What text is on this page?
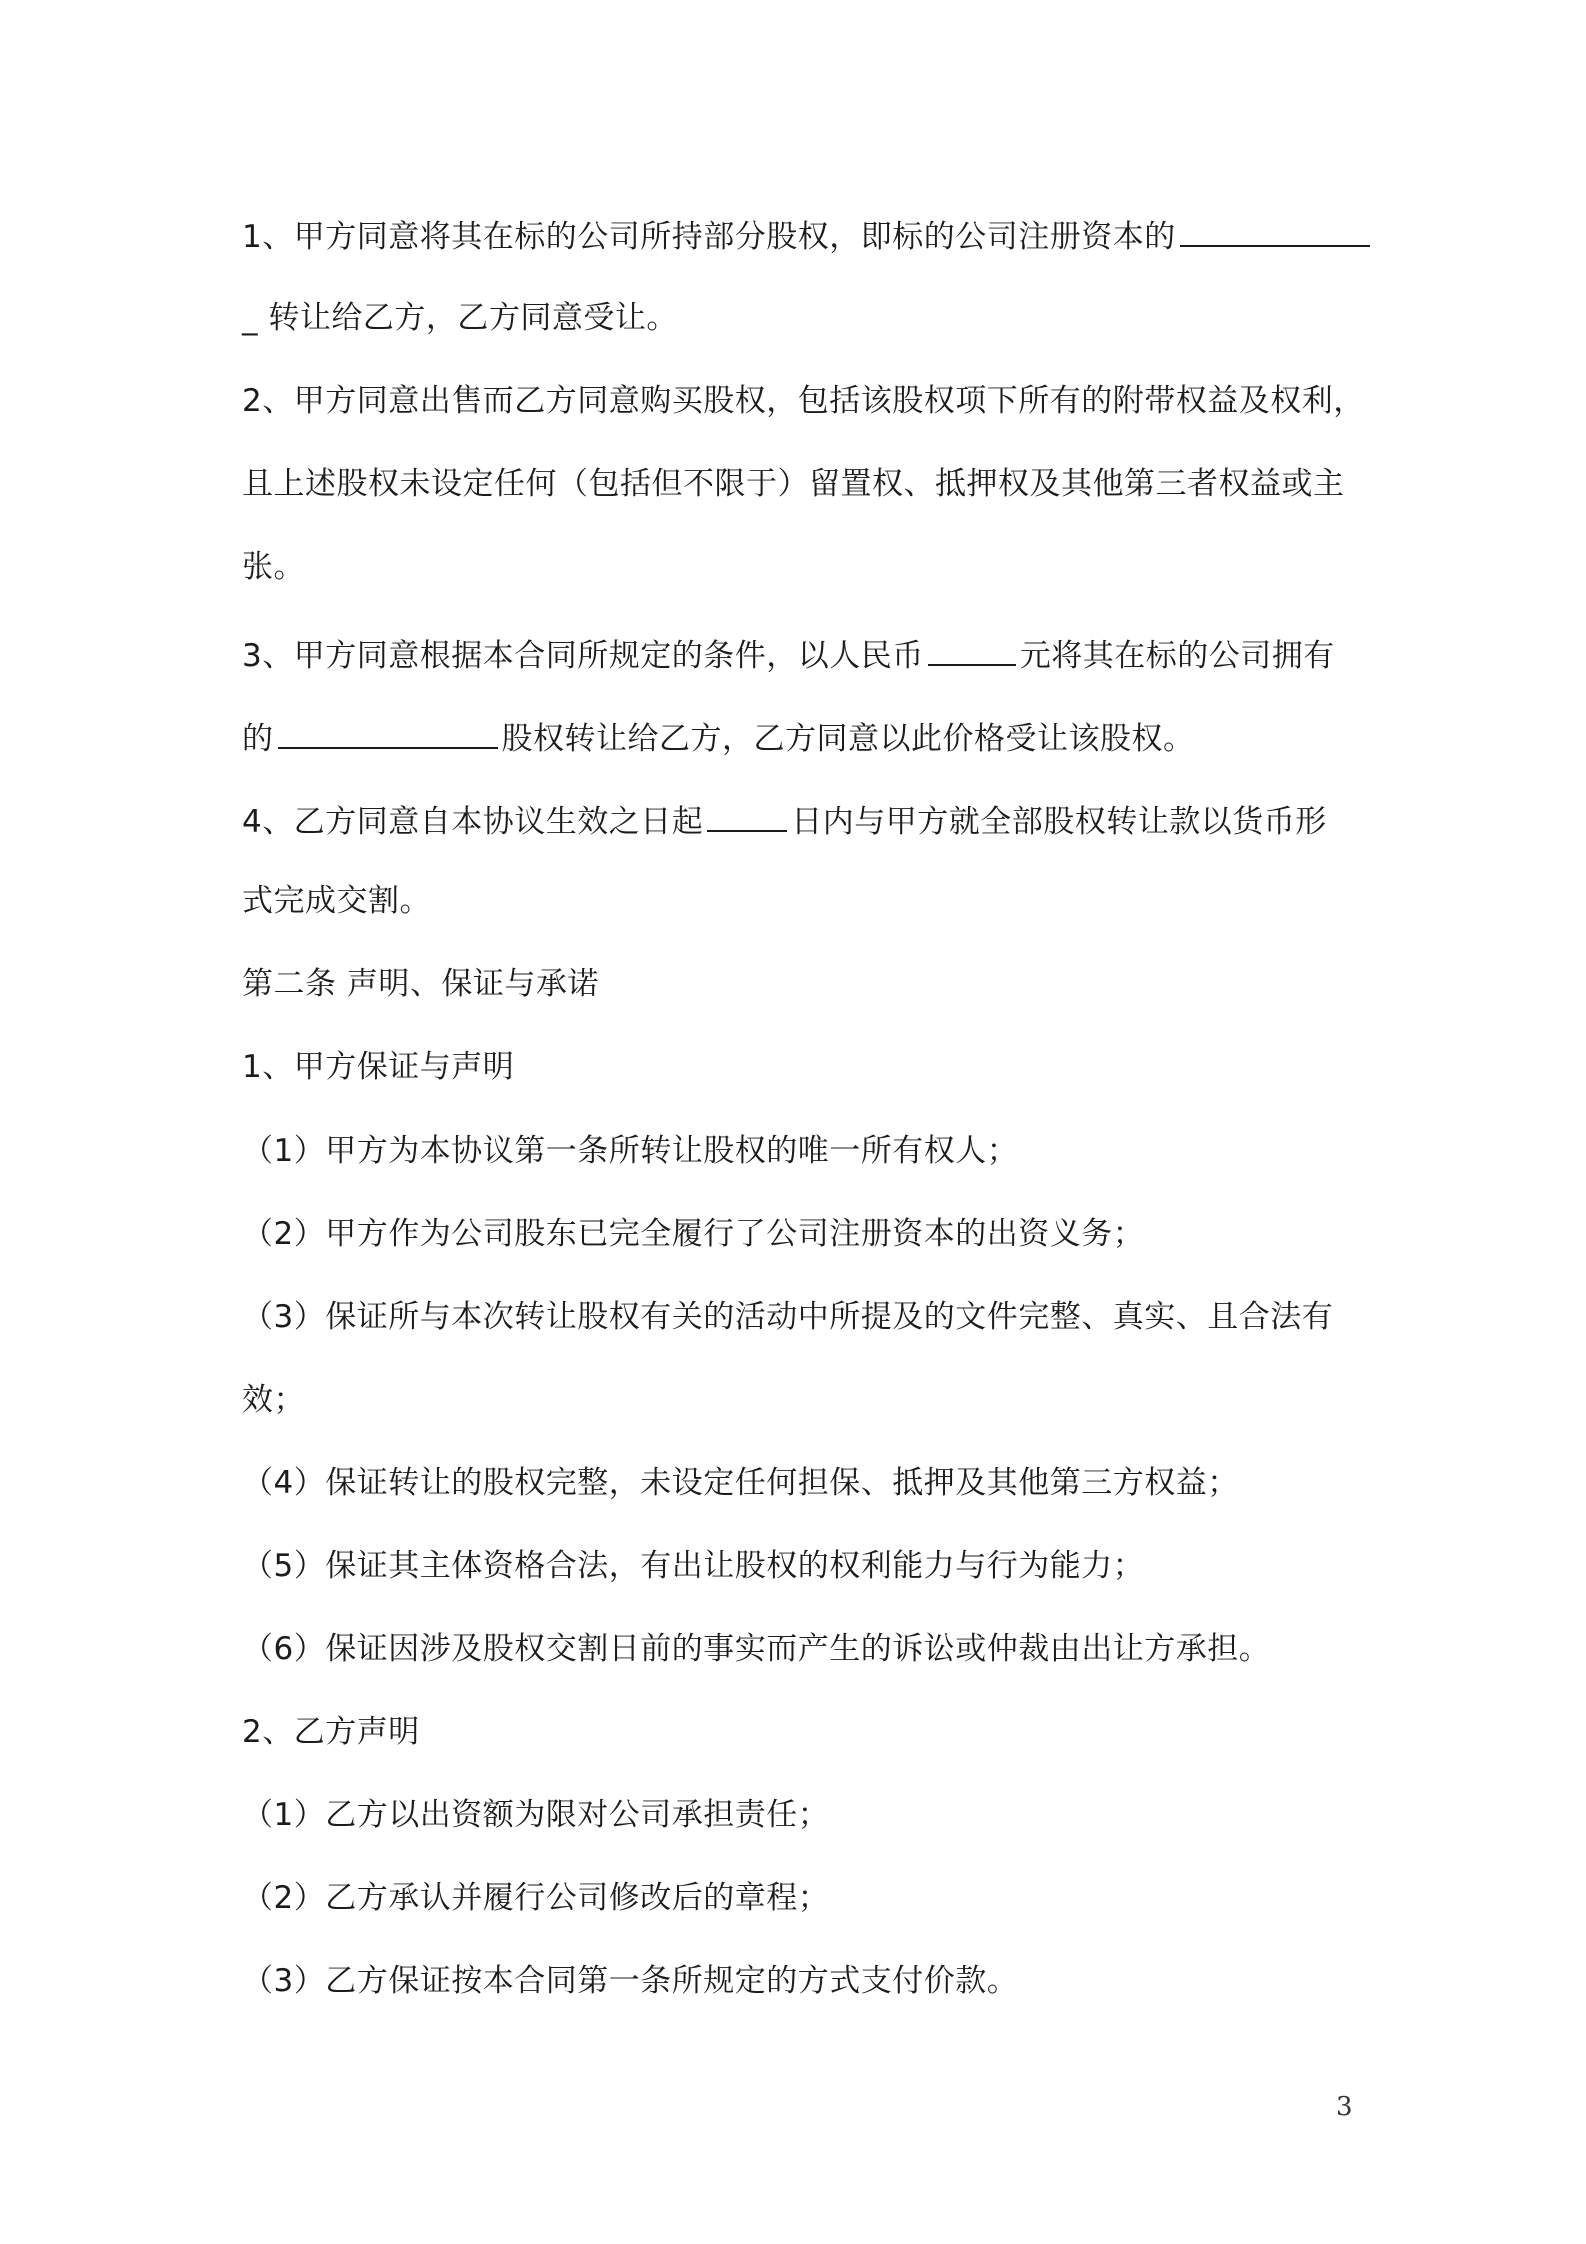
1、甲方同意将其在标的公司所持部分股权，即标的公司注册资本的
_ 转让给乙方，乙方同意受让。
2、甲方同意出售而乙方同意购买股权，包括该股权项下所有的附带权益及权利，
且上述股权未设定任何（包括但不限于）留置权、抵押权及其他第三者权益或主
张。
3、甲方同意根据本合同所规定的条件，以人民币	元将其在标的公司拥有
的	股权转让给乙方，乙方同意以此价格受让该股权。
4、乙方同意自本协议生效之日起	日内与甲方就全部股权转让款以货币形
式完成交割。
第二条 声明、保证与承诺
1、甲方保证与声明
（1）甲方为本协议第一条所转让股权的唯一所有权人；
（2）甲方作为公司股东已完全履行了公司注册资本的出资义务；
（3）保证所与本次转让股权有关的活动中所提及的文件完整、真实、且合法有
效；
（4）保证转让的股权完整，未设定任何担保、抵押及其他第三方权益；
（5）保证其主体资格合法，有出让股权的权利能力与行为能力；
（6）保证因涉及股权交割日前的事实而产生的诉讼或仲裁由出让方承担。
2、乙方声明
（1）乙方以出资额为限对公司承担责任；
（2）乙方承认并履行公司修改后的章程；
（3）乙方保证按本合同第一条所规定的方式支付价款。
3
